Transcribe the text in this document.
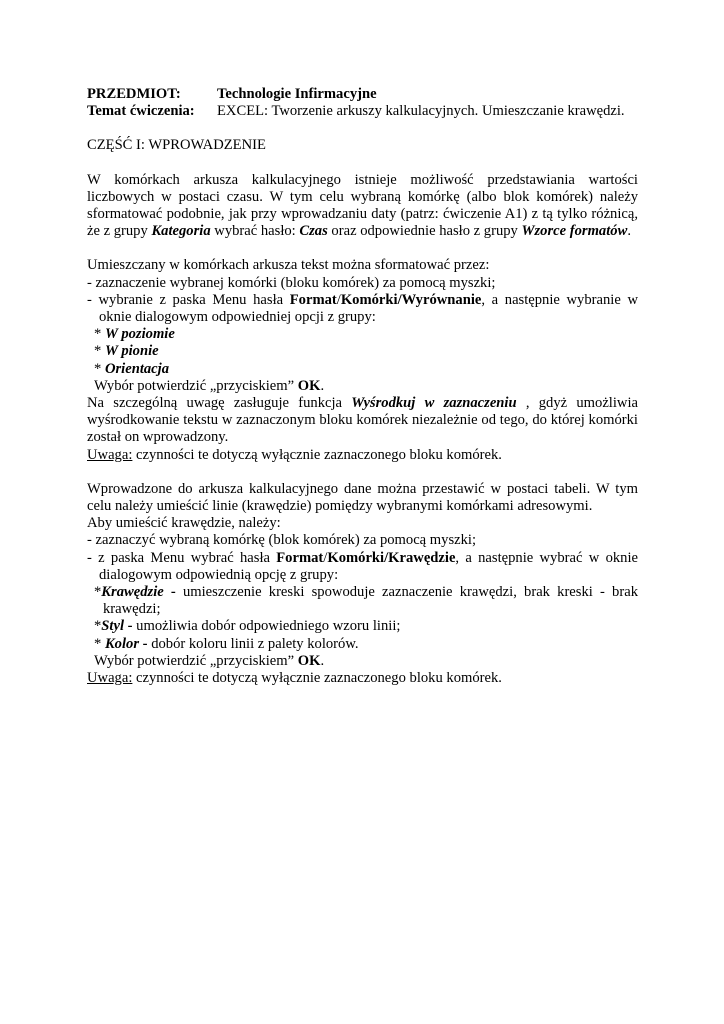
PRZEDMIOT:	Technologie Infirmacyjne
Temat ćwiczenia:	EXCEL: Tworzenie arkuszy kalkulacyjnych. Umieszczanie krawędzi.
CZĘŚĆ I: WPROWADZENIE

W komórkach arkusza kalkulacyjnego istnieje możliwość przedstawiania wartości liczbowych w postaci czasu. W tym celu wybraną komórkę (albo blok komórek) należy sformatować podobnie, jak przy wprowadzaniu daty (patrz: ćwiczenie A1) z tą tylko różnicą, że z grupy Kategoria wybrać hasło: Czas oraz odpowiednie hasło z grupy Wzorce formatów.

Umieszczany w komórkach arkusza tekst można sformatować przez:
- zaznaczenie wybranej komórki (bloku komórek) za pomocą myszki;
- wybranie z paska Menu hasła Format/Komórki/Wyrównanie, a następnie wybranie w oknie dialogowym odpowiedniej opcji z grupy:
* W poziomie
* W pionie
* Orientacja
Wybór potwierdzić „przyciskiem” OK.

Na szczególną uwagę zasługuje funkcja Wyśrodkuj w zaznaczeniu , gdyż umożliwia wyśrodkowanie tekstu w zaznaczonym bloku komórek niezależnie od tego, do której komórki został on wprowadzony.

Uwaga: czynności te dotyczą wyłącznie zaznaczonego bloku komórek.

Wprowadzone do arkusza kalkulacyjnego dane można przestawić w postaci tabeli. W tym celu należy umieścić linie (krawędzie) pomiędzy wybranymi komórkami adresowymi.

Aby umieścić krawędzie, należy:
- zaznaczyć wybraną komórkę (blok komórek) za pomocą myszki;
- z paska Menu wybrać hasła Format/Komórki/Krawędzie, a następnie wybrać w oknie dialogowym odpowiednią opcję z grupy:
*Krawędzie - umieszczenie kreski spowoduje zaznaczenie krawędzi, brak kreski - brak krawędzi;
*Styl - umożliwia dobór odpowiedniego wzoru linii;
* Kolor - dobór koloru linii z palety kolorów.
Wybór potwierdzić „przyciskiem” OK.
Uwaga: czynności te dotyczą wyłącznie zaznaczonego bloku komórek.
